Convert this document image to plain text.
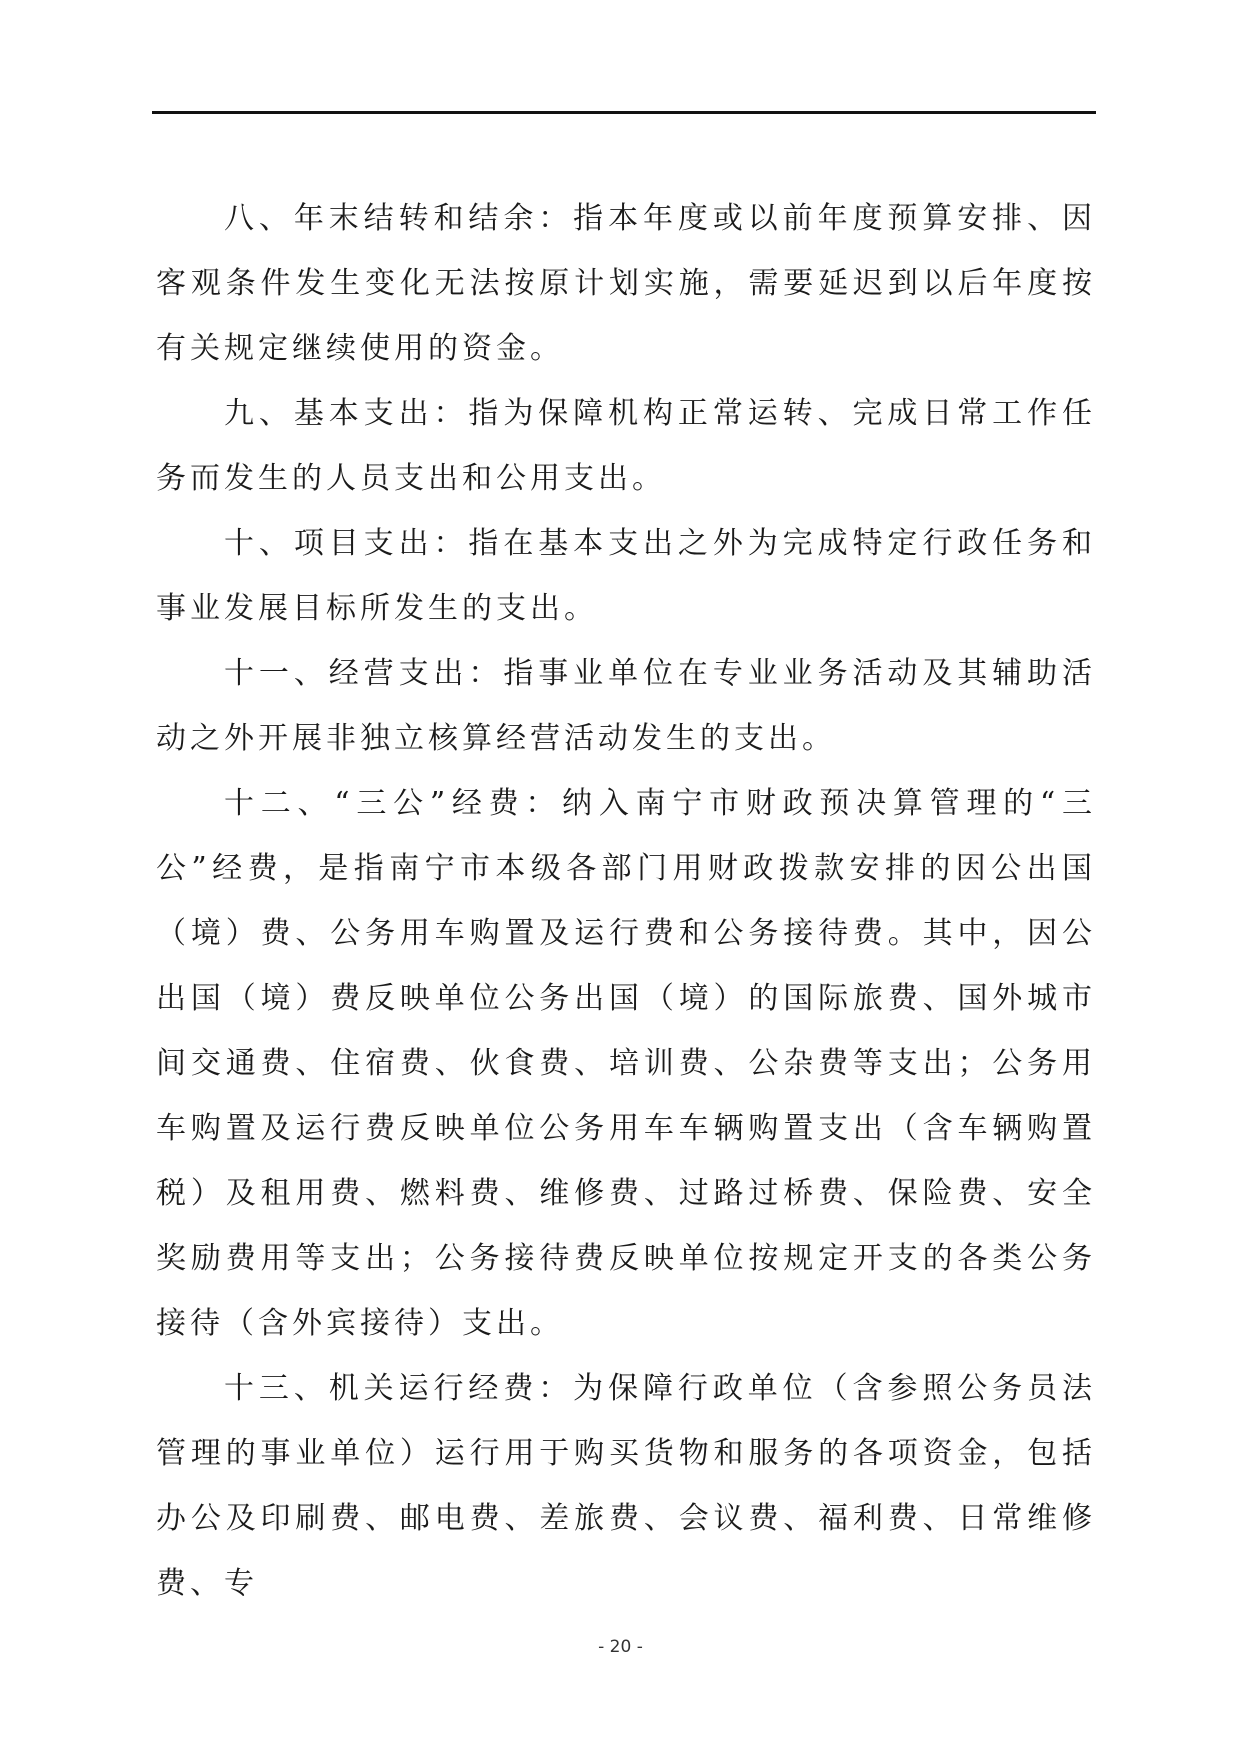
八、年末结转和结余：指本年度或以前年度预算安排、因客观条件发生变化无法按原计划实施，需要延迟到以后年度按有关规定继续使用的资金。

九、基本支出：指为保障机构正常运转、完成日常工作任务而发生的人员支出和公用支出。

十、项目支出：指在基本支出之外为完成特定行政任务和事业发展目标所发生的支出。

十一、经营支出：指事业单位在专业业务活动及其辅助活动之外开展非独立核算经营活动发生的支出。

十二、“三公”经费：纳入南宁市财政预决算管理的“三公”经费，是指南宁市本级各部门用财政拨款安排的因公出国（境）费、公务用车购置及运行费和公务接待费。其中，因公出国（境）费反映单位公务出国（境）的国际旅费、国外城市间交通费、住宿费、伙食费、培训费、公杂费等支出；公务用车购置及运行费反映单位公务用车车辆购置支出（含车辆购置税）及租用费、燃料费、维修费、过路过桥费、保险费、安全奖励费用等支出；公务接待费反映单位按规定开支的各类公务接待（含外宾接待）支出。

十三、机关运行经费：为保障行政单位（含参照公务员法管理的事业单位）运行用于购买货物和服务的各项资金，包括办公及印刷费、邮电费、差旅费、会议费、福利费、日常维修费、专

- 20 -
